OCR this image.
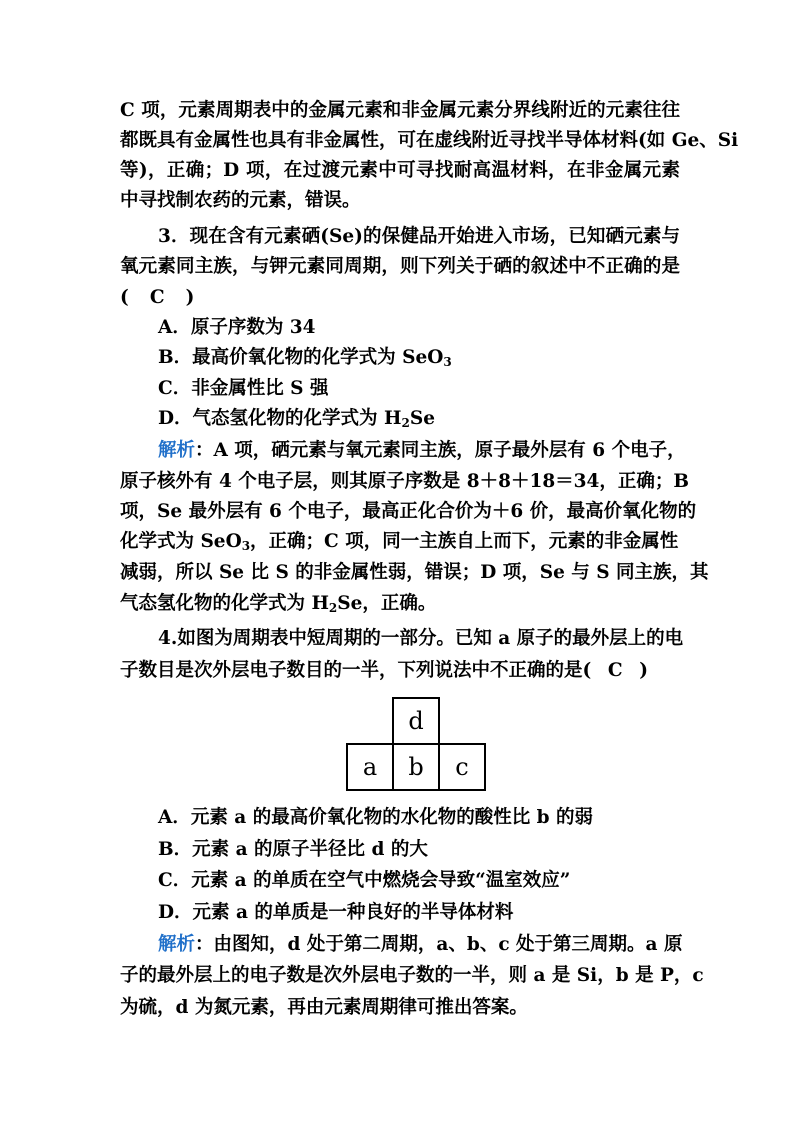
C 项，元素周期表中的金属元素和非金属元素分界线附近的元素往往
都既具有金属性也具有非金属性，可在虚线附近寻找半导体材料(如 Ge、Si
等)，正确；D 项，在过渡元素中可寻找耐高温材料，在非金属元素
中寻找制农药的元素，错误。
3．现在含有元素硒(Se)的保健品开始进入市场，已知硒元素与
氧元素同主族，与钾元素同周期，则下列关于硒的叙述中不正确的是
( C )
A．原子序数为 34
B．最高价氧化物的化学式为 SeO$_3$
C．非金属性比 S 强
D．气态氢化物的化学式为 $H_2Se$
解析：A 项，硒元素与氧元素同主族，原子最外层有 6 个电子，
原子核外有 4 个电子层，则其原子序数是 8＋8＋18＝34，正确；B
项，Se 最外层有 6 个电子，最高正化合价为＋6 价，最高价氧化物的
化学式为 SeO$_3$，正确；C 项，同一主族自上而下，元素的非金属性
减弱，所以 Se 比 S 的非金属性弱，错误；D 项，Se 与 S 同主族，其
气态氢化物的化学式为 $H_2Se$，正确。
4.如图为周期表中短周期的一部分。已知 a 原子的最外层上的电
子数目是次外层电子数目的一半，下列说法中不正确的是( C )
d
a	b	c
A．元素 a 的最高价氧化物的水化物的酸性比 b 的弱
B．元素 a 的原子半径比 d 的大
C．元素 a 的单质在空气中燃烧会导致“温室效应”
D．元素 a 的单质是一种良好的半导体材料
解析：由图知，d 处于第二周期，a、b、c 处于第三周期。a 原
子的最外层上的电子数是次外层电子数的一半，则 a 是 Si，b 是 P，c
为硫，d 为氮元素，再由元素周期律可推出答案。
